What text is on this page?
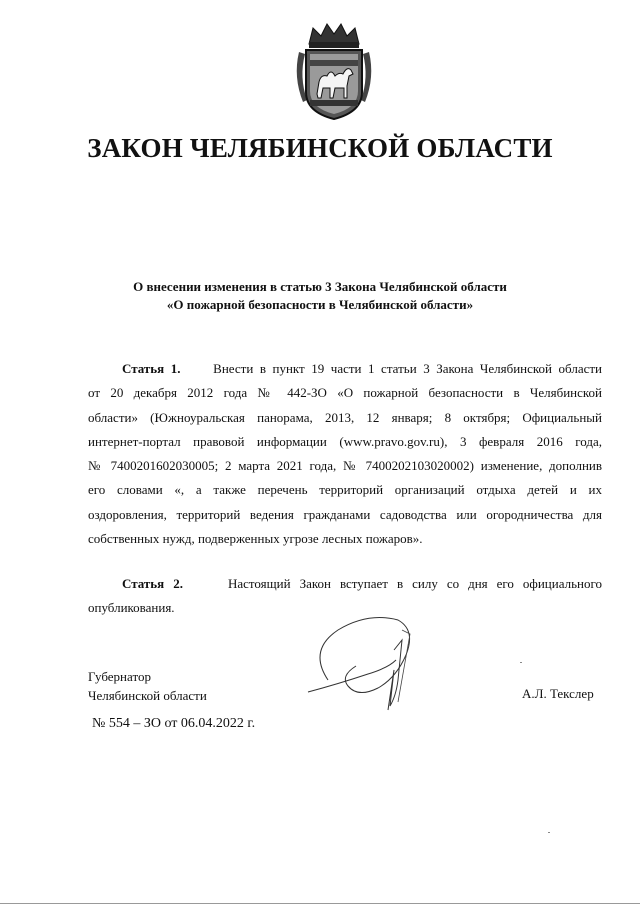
ЗАКОН ЧЕЛЯБИНСКОЙ ОБЛАСТИ
О внесении изменения в статью 3 Закона Челябинской области
«О пожарной безопасности в Челябинской области»
Статья 1.	Внести в пункт 19 части 1 статьи 3 Закона Челябинской области
от 20 декабря 2012 года № 442-ЗО «О пожарной безопасности в Челябинской
области» (Южноуральская панорама, 2013, 12 января; 8 октября; Официальный
интернет-портал правовой информации (www.pravo.gov.ru), 3 февраля 2016 года,
№ 7400201602030005; 2 марта 2021 года, № 7400202103020002) изменение, дополнив
его словами «, а также перечень территорий организаций отдыха детей и их
оздоровления, территорий ведения гражданами садоводства или огородничества для
собственных нужд, подверженных угрозе лесных пожаров».
Статья 2.	Настоящий Закон вступает в силу со дня его официального
опубликования.
Губернатор
Челябинской области	А.Л. Текслер
№ 554 – ЗО от 06.04.2022 г.
